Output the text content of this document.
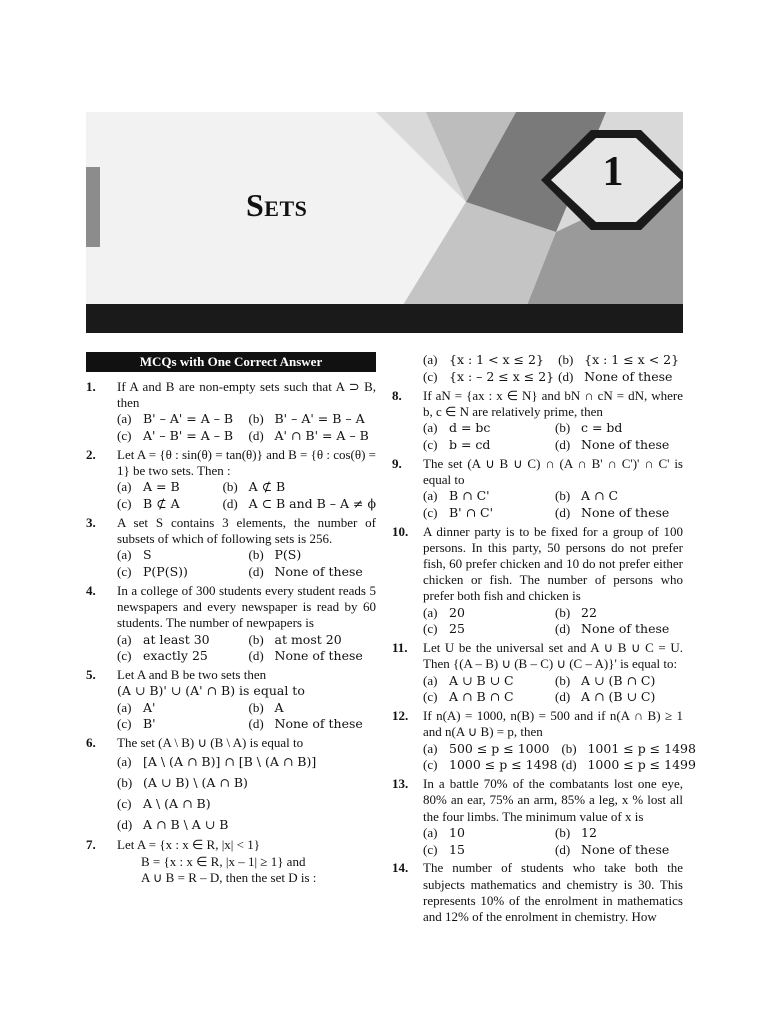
Sets
1
MCQs with One Correct Answer
1. If A and B are non-empty sets such that A ⊃ B, then
(a) B' – A' = A – B	(b) B' – A' = B – A
(c) A' – B' = A – B	(d) A' ∩ B' = A – B
2. Let A = {θ : sin(θ) = tan(θ)} and B = {θ : cos(θ) = 1} be two sets. Then :
(a) A = B	(b) A ⊄ B
(c) B ⊄ A	(d) A ⊂ B and B – A ≠ ϕ
3. A set S contains 3 elements, the number of subsets of which of following sets is 256.
(a) S	(b) P(S)
(c) P(P(S))	(d) None of these
4. In a college of 300 students every student reads 5 newspapers and every newspaper is read by 60 students. The number of newpapers is
(a) at least 30	(b) at most 20
(c) exactly 25	(d) None of these
5. Let A and B be two sets then
(A ∪ B)' ∪ (A' ∩ B) is equal to
(a) A'	(b) A
(c) B'	(d) None of these
6. The set (A \ B) ∪ (B \ A) is equal to
(a) [A \ (A ∩ B)] ∩ [B \ (A ∩ B)]
(b) (A ∪ B) \ (A ∩ B)
(c) A \ (A ∩ B)
(d) A ∩ B \ A ∪ B
7. Let A = {x : x ∈ R, |x| < 1}
B = {x : x ∈ R, |x – 1| ≥ 1} and
A ∪ B = R – D, then the set D is :
(a) {x : 1 < x ≤ 2}	(b) {x : 1 ≤ x < 2}
(c) {x : – 2 ≤ x ≤ 2} (d) None of these
8. If aN = {ax : x ∈ N} and bN ∩ cN = dN, where b, c ∈ N are relatively prime, then
(a) d = bc	(b) c = bd
(c) b = cd	(d) None of these
9. The set (A ∪ B ∪ C) ∩ (A ∩ B' ∩ C')' ∩ C' is equal to
(a) B ∩ C'	(b) A ∩ C
(c) B' ∩ C'	(d) None of these
10. A dinner party is to be fixed for a group of 100 persons. In this party, 50 persons do not prefer fish, 60 prefer chicken and 10 do not prefer either chicken or fish. The number of persons who prefer both fish and chicken is
(a) 20	(b) 22
(c) 25	(d) None of these
11. Let U be the universal set and A ∪ B ∪ C = U. Then {(A – B) ∪ (B – C) ∪ (C – A)}' is equal to:
(a) A ∪ B ∪ C	(b) A ∪ (B ∩ C)
(c) A ∩ B ∩ C	(d) A ∩ (B ∪ C)
12. If n(A) = 1000, n(B) = 500 and if n(A ∩ B) ≥ 1 and n(A ∪ B) = p, then
(a) 500 ≤ p ≤ 1000 (b) 1001 ≤ p ≤ 1498
(c) 1000 ≤ p ≤ 1498 (d) 1000 ≤ p ≤ 1499
13. In a battle 70% of the combatants lost one eye, 80% an ear, 75% an arm, 85% a leg, x % lost all the four limbs. The minimum value of x is
(a) 10	(b) 12
(c) 15	(d) None of these
14. The number of students who take both the subjects mathematics and chemistry is 30. This represents 10% of the enrolment in mathematics and 12% of the enrolment in chemistry. How
